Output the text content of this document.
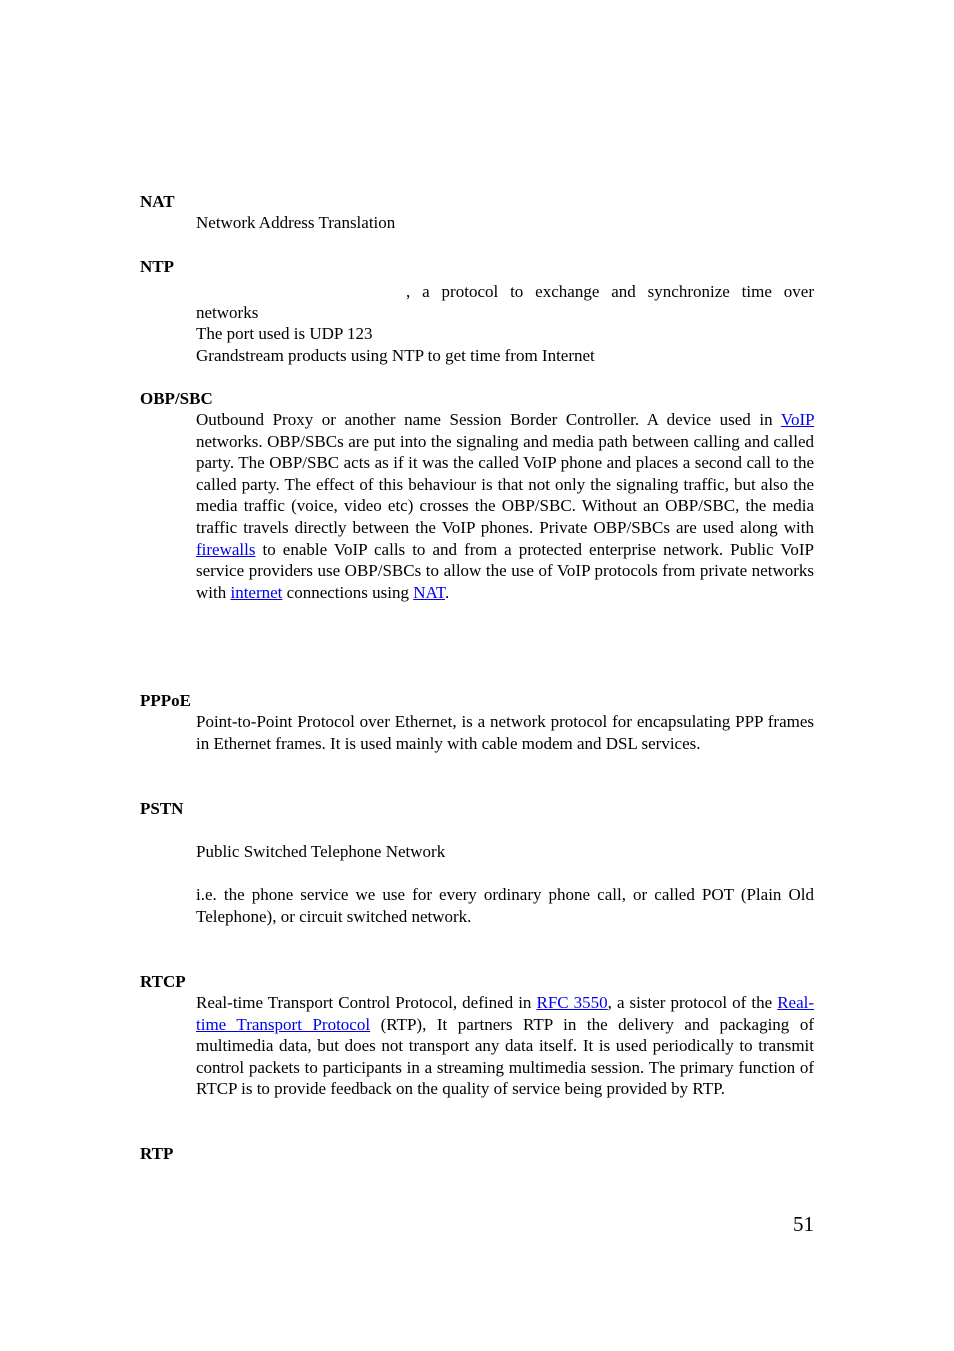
NAT

Network Address Translation

NTP

, a protocol to exchange and synchronize time over

networks

The port used is UDP 123

Grandstream products using NTP to get time from Internet

OBP/SBC

Outbound Proxy or another name Session Border Controller. A device used in VoIP networks. OBP/SBCs are put into the signaling and media path between calling and called party. The OBP/SBC acts as if it was the called VoIP phone and places a second call to the called party. The effect of this behaviour is that not only the signaling traffic, but also the media traffic (voice, video etc) crosses the OBP/SBC. Without an OBP/SBC, the media traffic travels directly between the VoIP phones. Private OBP/SBCs are used along with firewalls to enable VoIP calls to and from a protected enterprise network. Public VoIP service providers use OBP/SBCs to allow the use of VoIP protocols from private networks with internet connections using NAT.

PPPoE

Point-to-Point Protocol over Ethernet, is a network protocol for encapsulating PPP frames in Ethernet frames. It is used mainly with cable modem and DSL services.

PSTN

Public Switched Telephone Network

i.e. the phone service we use for every ordinary phone call, or called POT (Plain Old Telephone), or circuit switched network.

RTCP

Real-time Transport Control Protocol, defined in RFC 3550, a sister protocol of the Real-time Transport Protocol (RTP), It partners RTP in the delivery and packaging of multimedia data, but does not transport any data itself. It is used periodically to transmit control packets to participants in a streaming multimedia session. The primary function of RTCP is to provide feedback on the quality of service being provided by RTP.

RTP

51
